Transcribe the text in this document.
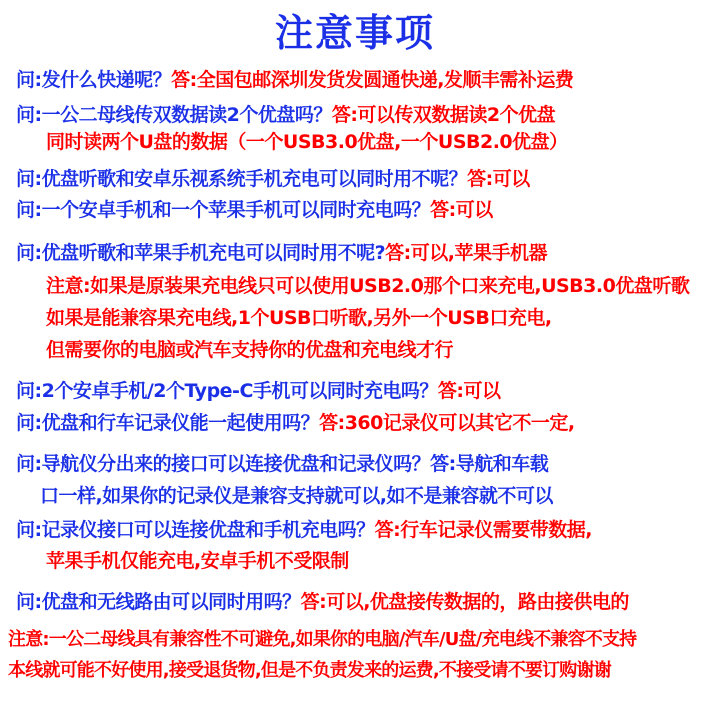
注意事项
问:发什么快递呢？答:全国包邮深圳发货发圆通快递,发顺丰需补运费
问:一公二母线传双数据读2个优盘吗？答:可以传双数据读2个优盘
同时读两个U盘的数据（一个USB3.0优盘,一个USB2.0优盘）
问:优盘听歌和安卓乐视系统手机充电可以同时用不呢？答:可以
问:一个安卓手机和一个苹果手机可以同时充电吗？答:可以
问:优盘听歌和苹果手机充电可以同时用不呢?答:可以,苹果手机器
注意:如果是原装果充电线只可以使用USB2.0那个口来充电,USB3.0优盘听歌
如果是能兼容果充电线,1个USB口听歌,另外一个USB口充电,
但需要你的电脑或汽车支持你的优盘和充电线才行
问:2个安卓手机/2个Type-C手机可以同时充电吗？答:可以
问:优盘和行车记录仪能一起使用吗？答:360记录仪可以其它不一定,
问:导航仪分出来的接口可以连接优盘和记录仪吗？答:导航和车载
口一样,如果你的记录仪是兼容支持就可以,如不是兼容就不可以
问:记录仪接口可以连接优盘和手机充电吗？答:行车记录仪需要带数据,
苹果手机仅能充电,安卓手机不受限制
问:优盘和无线路由可以同时用吗？答:可以,优盘接传数据的，路由接供电的
注意:一公二母线具有兼容性不可避免,如果你的电脑/汽车/U盘/充电线不兼容不支持
本线就可能不好使用,接受退货物,但是不负责发来的运费,不接受请不要订购谢谢
